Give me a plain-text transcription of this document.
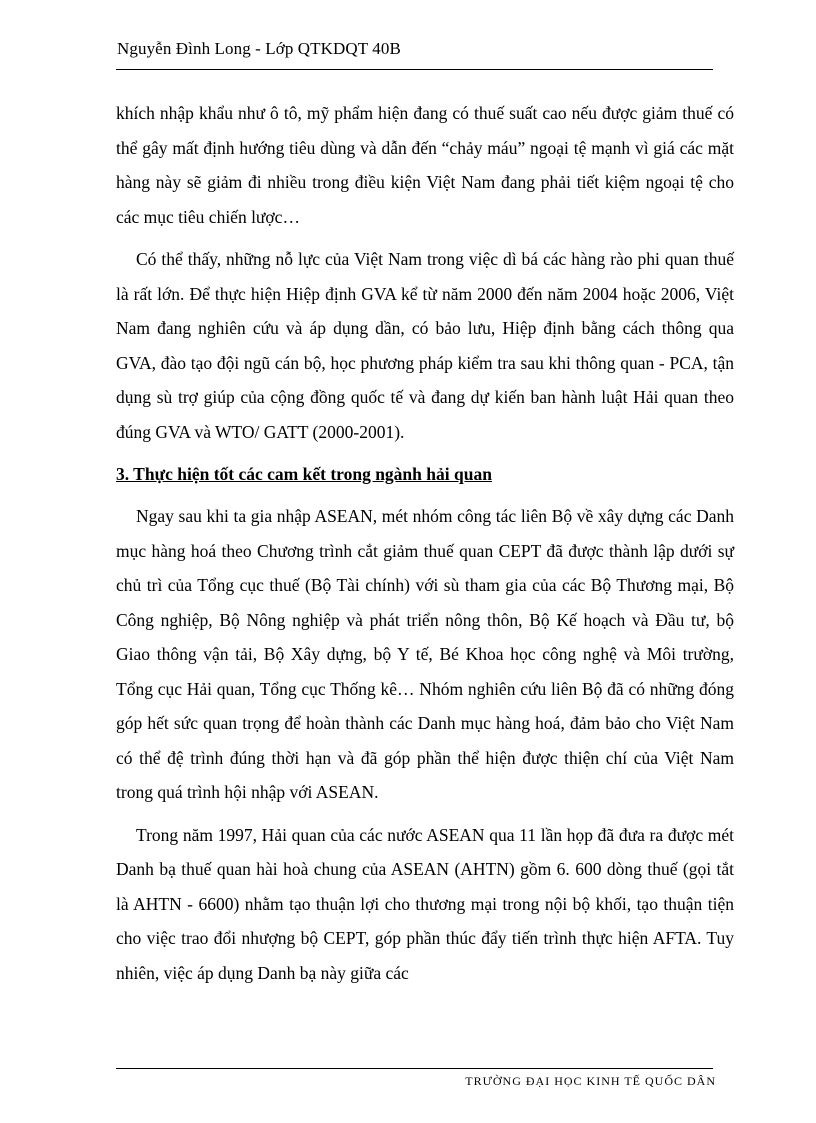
Nguyễn Đình Long - Lớp QTKDQT 40B

khích nhập khẩu như ô tô, mỹ phẩm hiện đang có thuế suất cao nếu được giảm thuế có thể gây mất định hướng tiêu dùng và dẫn đến “chảy máu” ngoại tệ mạnh vì giá các mặt hàng này sẽ giảm đi nhiều trong điều kiện Việt Nam đang phải tiết kiệm ngoại tệ cho các mục tiêu chiến lược…

Có thể thấy, những nỗ lực của Việt Nam trong việc dì bá các hàng rào phi quan thuế là rất lớn. Để thực hiện Hiệp định GVA kể từ năm 2000 đến năm 2004 hoặc 2006, Việt Nam đang nghiên cứu và áp dụng dần, có bảo lưu, Hiệp định bằng cách thông qua GVA, đào tạo đội ngũ cán bộ, học phương pháp kiểm tra sau khi thông quan - PCA, tận dụng sù trợ giúp của cộng đồng quốc tế và đang dự kiến ban hành luật Hải quan theo đúng GVA và WTO/ GATT (2000-2001).

3. Thực hiện tốt các cam kết trong ngành hải quan

Ngay sau khi ta gia nhập ASEAN, mét nhóm công tác liên Bộ về xây dựng các Danh mục hàng hoá theo Chương trình cắt giảm thuế quan CEPT đã được thành lập dưới sự chủ trì của Tổng cục thuế (Bộ Tài chính) với sù tham gia của các Bộ Thương mại, Bộ Công nghiệp, Bộ Nông nghiệp và phát triển nông thôn, Bộ Kế hoạch và Đầu tư, bộ Giao thông vận tải, Bộ Xây dựng, bộ Y tế, Bé Khoa học công nghệ và Môi trường, Tổng cục Hải quan, Tổng cục Thống kê… Nhóm nghiên cứu liên Bộ đã có những đóng góp hết sức quan trọng để hoàn thành các Danh mục hàng hoá, đảm bảo cho Việt Nam có thể đệ trình đúng thời hạn và đã góp phần thể hiện được thiện chí của Việt Nam trong quá trình hội nhập với ASEAN.

Trong năm 1997, Hải quan của các nước ASEAN qua 11 lần họp đã đưa ra được mét Danh bạ thuế quan hài hoà chung của ASEAN (AHTN) gồm 6. 600 dòng thuế (gọi tắt là AHTN - 6600) nhằm tạo thuận lợi cho thương mại trong nội bộ khối, tạo thuận tiện cho việc trao đổi nhượng bộ CEPT, góp phần thúc đẩy tiến trình thực hiện AFTA. Tuy nhiên, việc áp dụng Danh bạ này giữa các

TRƯỜNG ĐẠI HỌC KINH TẾ QUỐC DÂN
